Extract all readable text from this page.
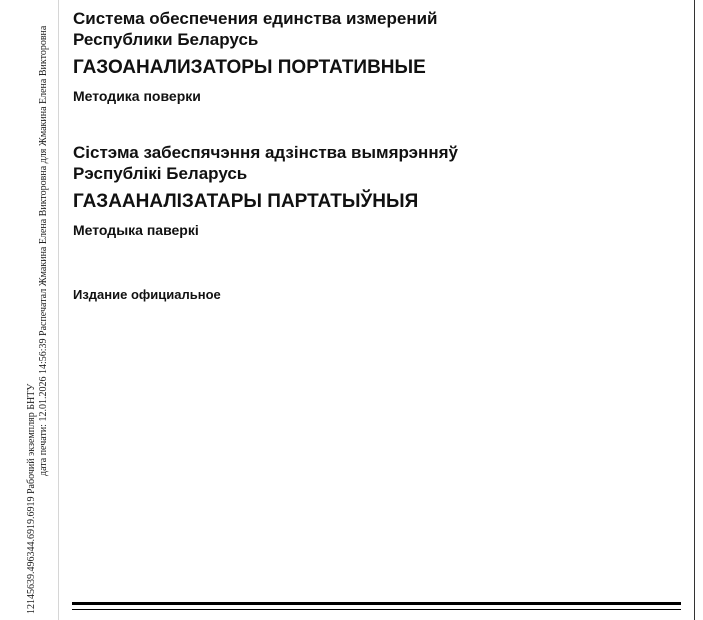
12145639.496344.6919.6919 Рабочий экземпляр БНТУ
дата печати: 12.01.2026 14:56:39 Распечатал Жмакина Елена Викторовна для Жмакина Елена Викторовна
Система обеспечения единства измерений
Республики Беларусь
ГАЗОАНАЛИЗАТОРЫ ПОРТАТИВНЫЕ
Методика поверки
Сістэма забеспячэння адзінства вымярэнняў
Рэспублікі Беларусь
ГАЗААНАЛІЗАТАРЫ ПАРТАТЫЎНЫЯ
Методыка паверкі
Издание официальное
